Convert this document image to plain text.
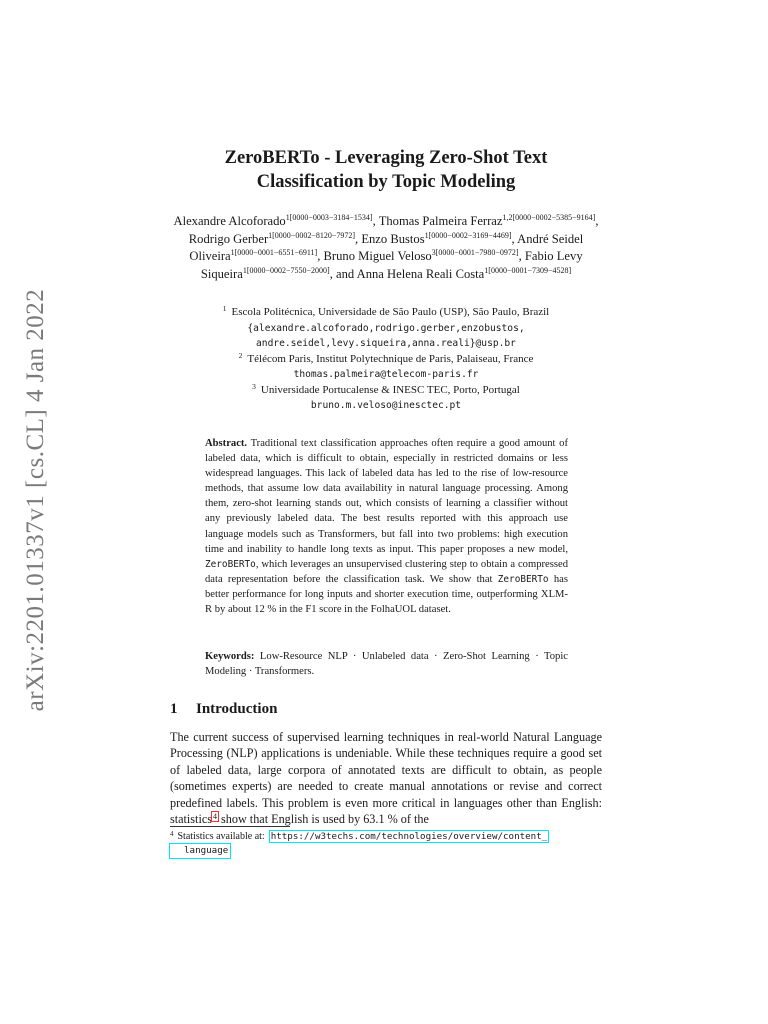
arXiv:2201.01337v1 [cs.CL] 4 Jan 2022
ZeroBERTo - Leveraging Zero-Shot Text
Classification by Topic Modeling
Alexandre Alcoforado$^{1[0000-0003-3184-1534]}$, Thomas Palmeira Ferraz$^{1,2[0000-0002-5385-9164]}$, Rodrigo Gerber$^{1[0000-0002-8120-7972]}$, Enzo Bustos$^{1[0000-0002-3169-4469]}$, André Seidel Oliveira$^{1[0000-0001-6551-6911]}$, Bruno Miguel Veloso$^{3[0000-0001-7980-0972]}$, Fabio Levy Siqueira$^{1[0000-0002-7550-2000]}$, and Anna Helena Reali Costa$^{1[0000-0001-7309-4528]}$
$^1$ Escola Politécnica, Universidade de São Paulo (USP), São Paulo, Brazil
{alexandre.alcoforado,rodrigo.gerber,enzobustos,
andre.seidel,levy.siqueira,anna.reali}@usp.br
$^2$ Télécom Paris, Institut Polytechnique de Paris, Palaiseau, France
thomas.palmeira@telecom-paris.fr
$^3$ Universidade Portucalense & INESC TEC, Porto, Portugal
bruno.m.veloso@inesctec.pt
Abstract. Traditional text classification approaches often require a good amount of labeled data, which is difficult to obtain, especially in restricted domains or less widespread languages. This lack of labeled data has led to the rise of low-resource methods, that assume low data availability in natural language processing. Among them, zero-shot learning stands out, which consists of learning a classifier without any previously labeled data. The best results reported with this approach use language models such as Transformers, but fall into two problems: high execution time and inability to handle long texts as input. This paper proposes a new model, ZeroBERTo, which leverages an unsupervised clustering step to obtain a compressed data representation before the classification task. We show that ZeroBERTo has better performance for long inputs and shorter execution time, outperforming XLM-R by about 12 % in the F1 score in the FolhaUOL dataset.
Keywords: Low-Resource NLP · Unlabeled data · Zero-Shot Learning · Topic Modeling · Transformers.
1 Introduction
The current success of supervised learning techniques in real-world Natural Language Processing (NLP) applications is undeniable. While these techniques require a good set of labeled data, large corpora of annotated texts are difficult to obtain, as people (sometimes experts) are needed to create manual annotations or revise and correct predefined labels. This problem is even more critical in languages other than English: statistics$^4$ show that English is used by 63.1 % of the
$^4$ Statistics available at: https://w3techs.com/technologies/overview/content_
language
